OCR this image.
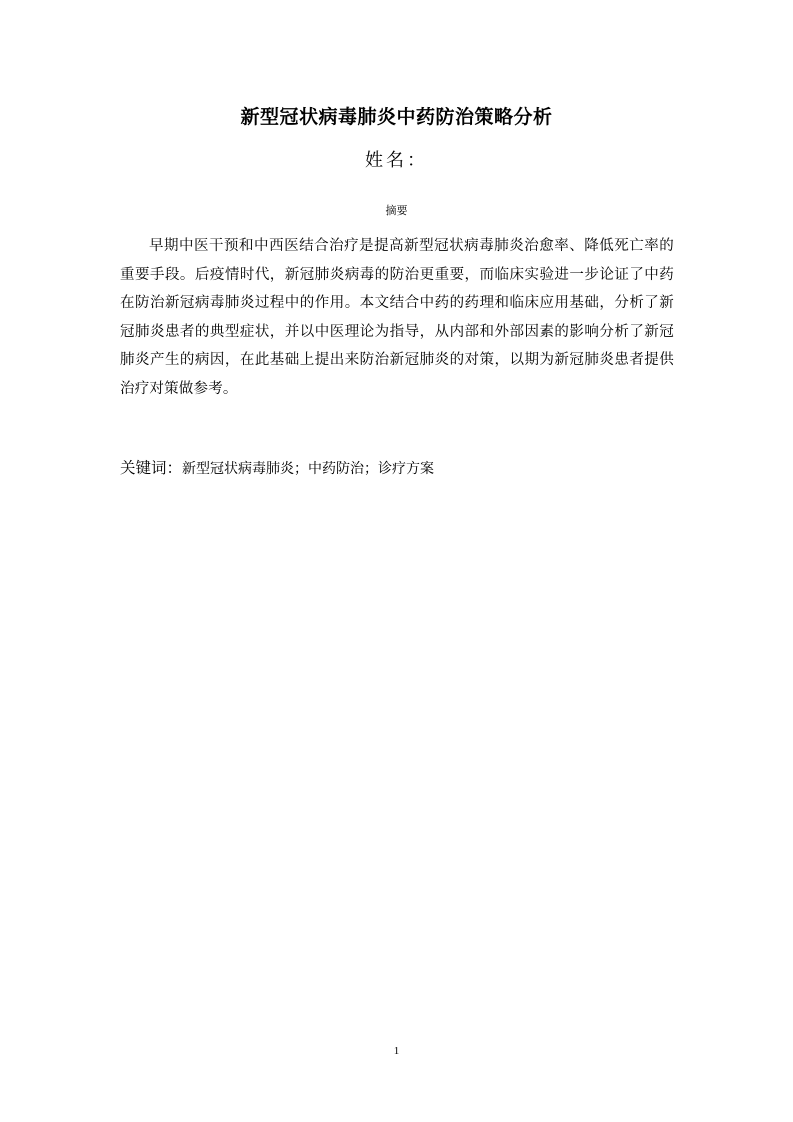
新型冠状病毒肺炎中药防治策略分析
姓名：
摘要

早期中医干预和中西医结合治疗是提高新型冠状病毒肺炎治愈率、降低死亡率的重要手段。后疫情时代，新冠肺炎病毒的防治更重要，而临床实验进一步论证了中药在防治新冠病毒肺炎过程中的作用。本文结合中药的药理和临床应用基础，分析了新冠肺炎患者的典型症状，并以中医理论为指导，从内部和外部因素的影响分析了新冠肺炎产生的病因，在此基础上提出来防治新冠肺炎的对策，以期为新冠肺炎患者提供治疗对策做参考。

关键词：新型冠状病毒肺炎；中药防治；诊疗方案
1
